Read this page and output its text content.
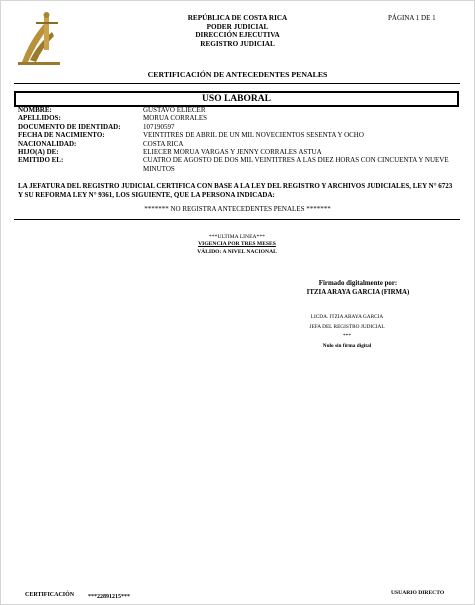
REPÚBLICA DE COSTA RICA
PODER JUDICIAL
DIRECCIÓN EJECUTIVA
REGISTRO JUDICIAL
PÁGINA 1 DE 1
CERTIFICACIÓN DE ANTECEDENTES PENALES
USO LABORAL
NOMBRE:	GUSTAVO ELIECER
APELLIDOS:	MORUA CORRALES
DOCUMENTO DE IDENTIDAD:	107190597
FECHA DE NACIMIENTO:	VEINTITRES DE ABRIL DE UN MIL NOVECIENTOS SESENTA Y OCHO
NACIONALIDAD:	COSTA RICA
HIJO(A) DE:	ELIECER MORUA VARGAS Y JENNY CORRALES ASTUA
EMITIDO EL:	CUATRO DE AGOSTO DE DOS MIL VEINTITRES A LAS DIEZ HORAS CON CINCUENTA Y NUEVE MINUTOS
LA JEFATURA DEL REGISTRO JUDICIAL CERTIFICA CON BASE A LA LEY DEL REGISTRO Y ARCHIVOS JUDICIALES, LEY N° 6723 Y SU REFORMA LEY N° 9361, LOS SIGUIENTE, QUE LA PERSONA INDICADA:
******* NO REGISTRA ANTECEDENTES PENALES *******
***ULTIMA LINEA***
VIGENCIA POR TRES MESES
VÁLIDO: A NIVEL NACIONAL
Firmado digitalmente por:
ITZIA ARAYA GARCIA (FIRMA)
LICDA. ITZIA ARAYA GARCIA
JEFA DEL REGISTRO JUDICIAL
***
Nulo sin firma digital
CERTIFICACIÓN ***22891215***
USUARIO DIRECTO
